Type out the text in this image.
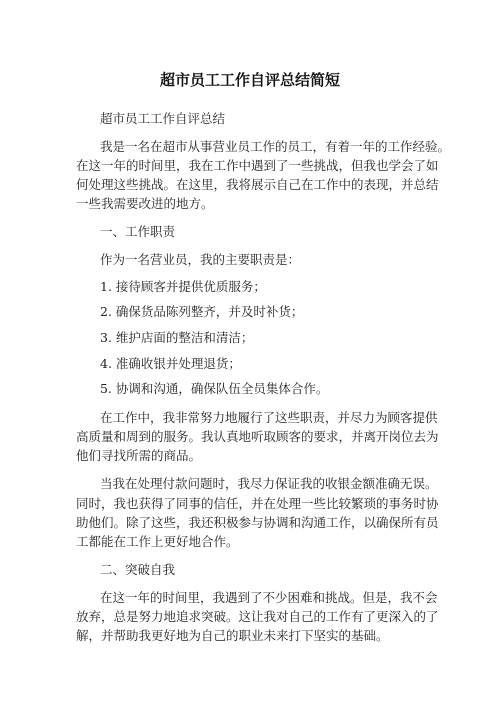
超市员工工作自评总结简短
超市员工工作自评总结
我是一名在超市从事营业员工作的员工，有着一年的工作经验。
在这一年的时间里，我在工作中遇到了一些挑战，但我也学会了如
何处理这些挑战。在这里，我将展示自己在工作中的表现，并总结
一些我需要改进的地方。
一、工作职责
作为一名营业员，我的主要职责是：
1. 接待顾客并提供优质服务；
2. 确保货品陈列整齐，并及时补货；
3. 维护店面的整洁和清洁；
4. 准确收银并处理退货；
5. 协调和沟通，确保队伍全员集体合作。
在工作中，我非常努力地履行了这些职责，并尽力为顾客提供
高质量和周到的服务。我认真地听取顾客的要求，并离开岗位去为
他们寻找所需的商品。
当我在处理付款问题时，我尽力保证我的收银金额准确无误。
同时，我也获得了同事的信任，并在处理一些比较繁琐的事务时协
助他们。除了这些，我还积极参与协调和沟通工作，以确保所有员
工都能在工作上更好地合作。
二、突破自我
在这一年的时间里，我遇到了不少困难和挑战。但是，我不会
放弃，总是努力地追求突破。这让我对自己的工作有了更深入的了
解，并帮助我更好地为自己的职业未来打下坚实的基础。
